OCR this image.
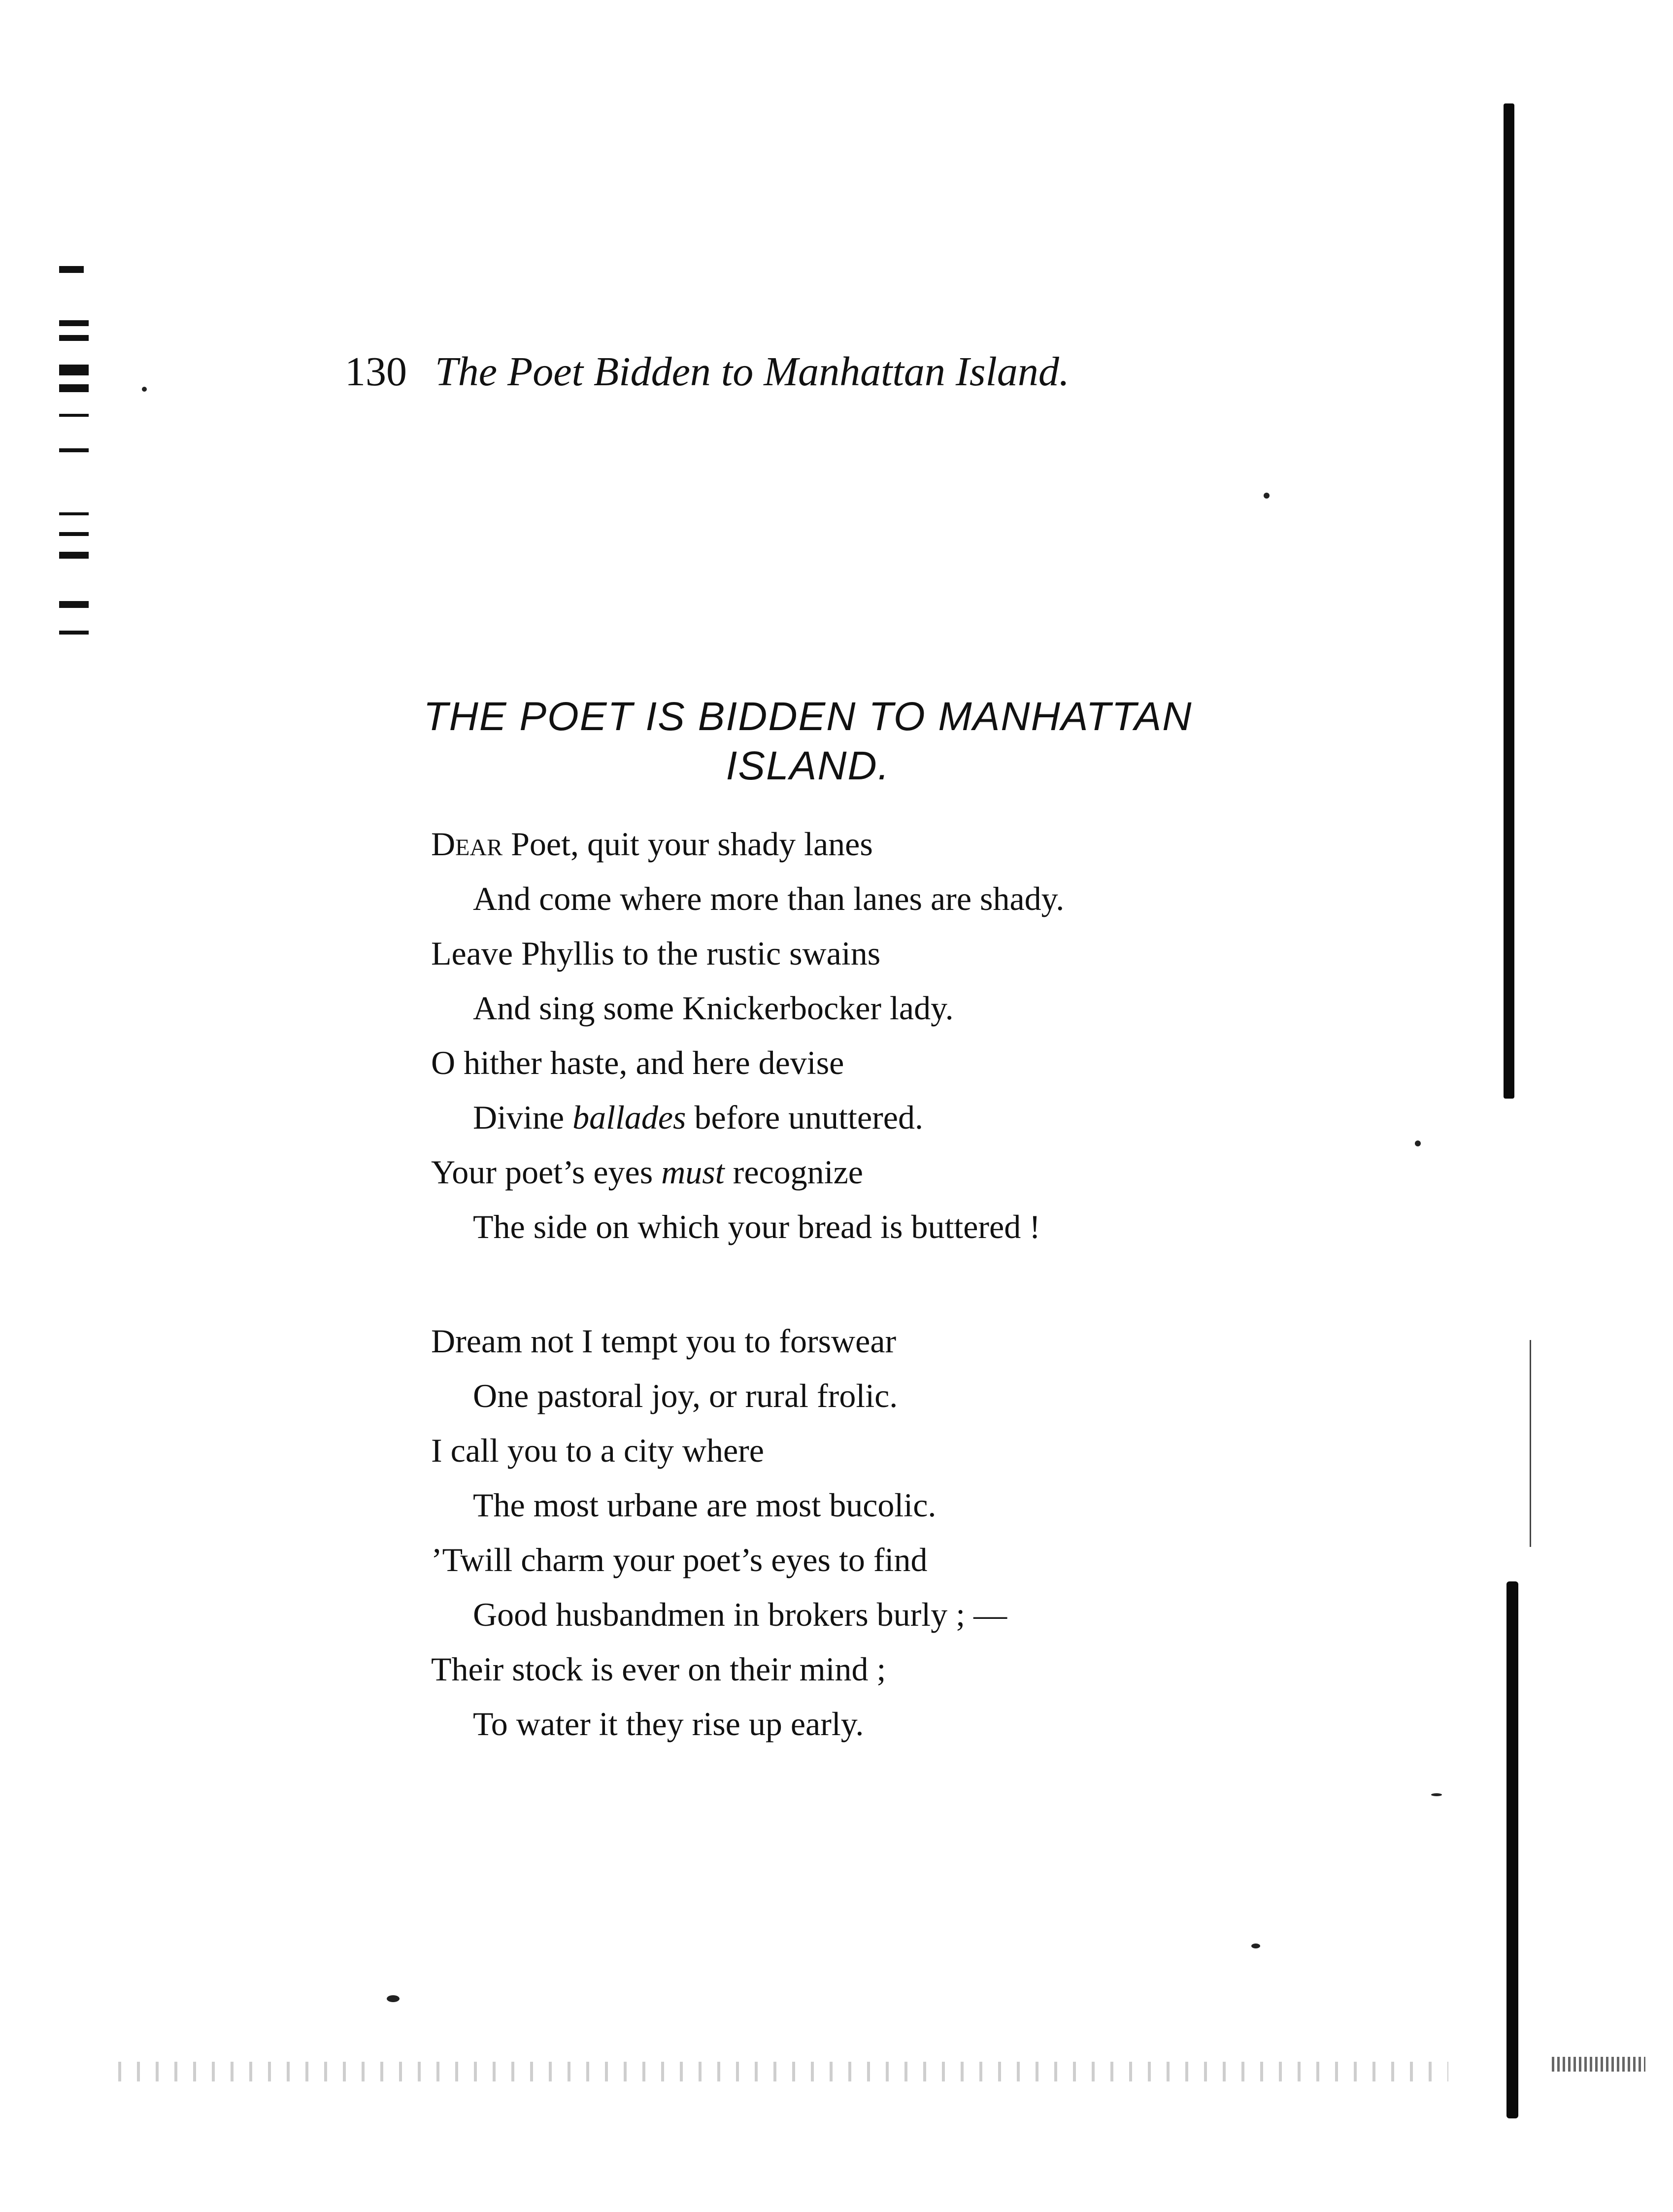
130 The Poet Bidden to Manhattan Island.
THE POET IS BIDDEN TO MANHATTAN
ISLAND.
Dear Poet, quit your shady lanes
And come where more than lanes are shady.
Leave Phyllis to the rustic swains
And sing some Knickerbocker lady.
O hither haste, and here devise
Divine ballades before unuttered.
Your poet’s eyes must recognize
The side on which your bread is buttered !
Dream not I tempt you to forswear
One pastoral joy, or rural frolic.
I call you to a city where
The most urbane are most bucolic.
’Twill charm your poet’s eyes to find
Good husbandmen in brokers burly ; —
Their stock is ever on their mind ;
To water it they rise up early.
